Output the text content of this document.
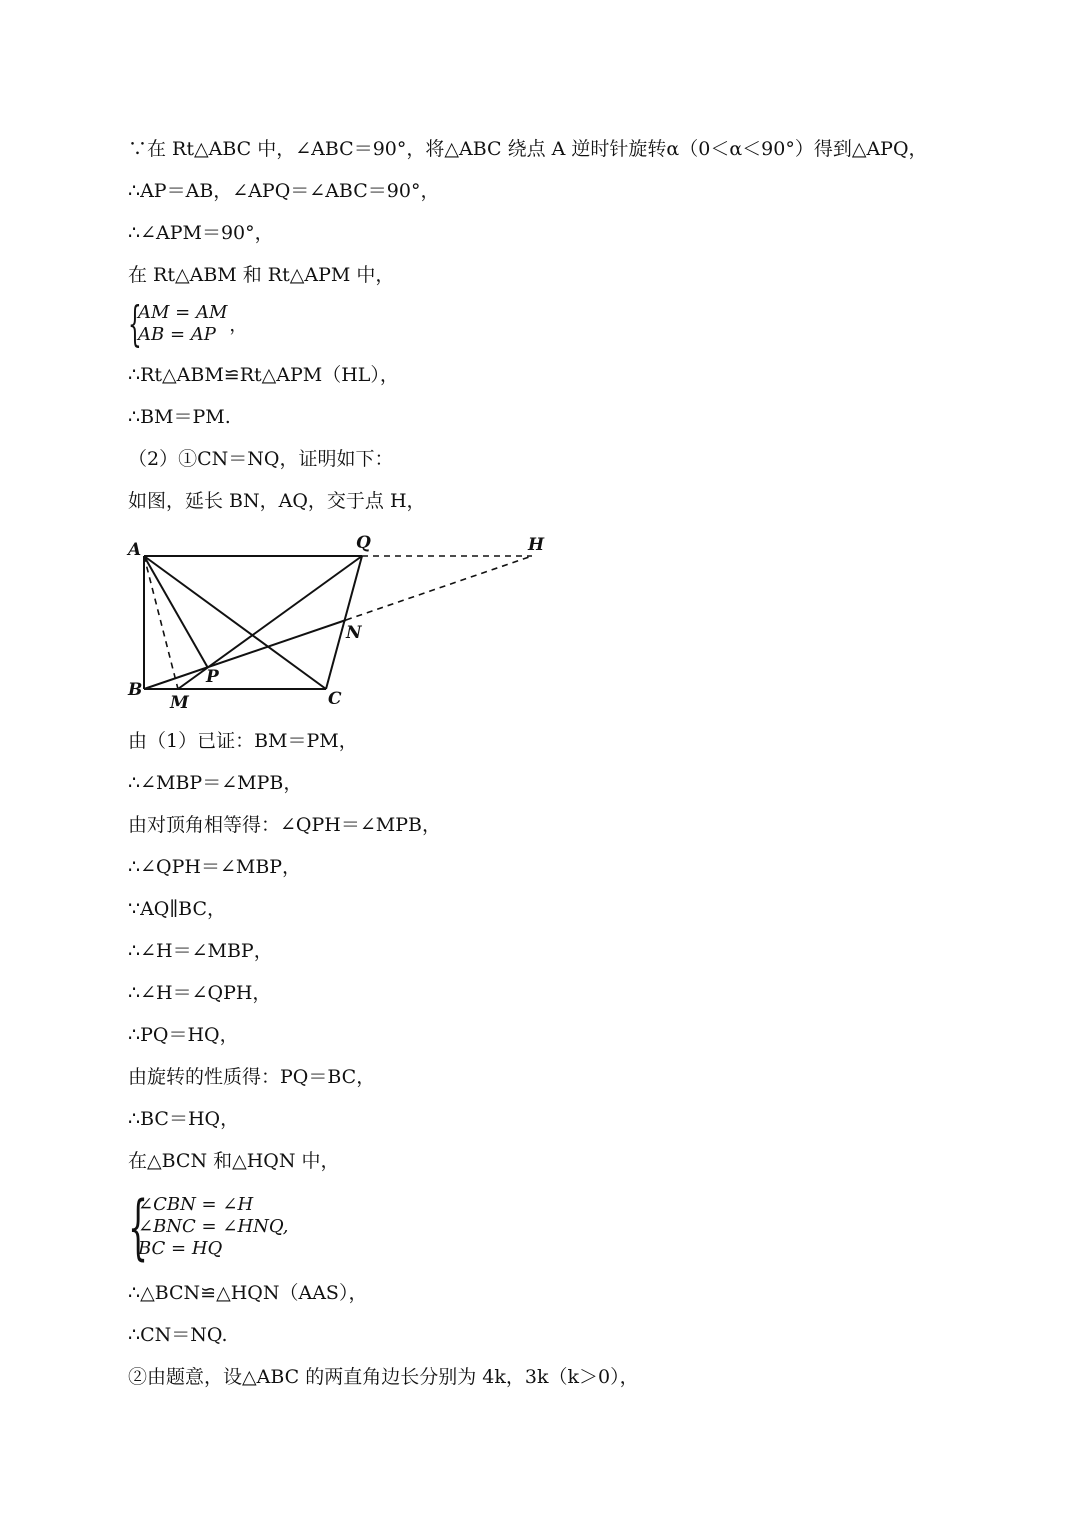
∵在 Rt△ABC 中，∠ABC＝90°，将△ABC 绕点 A 逆时针旋转α（0＜α＜90°）得到△APQ，
∴AP＝AB，∠APQ＝∠ABC＝90°，
∴∠APM＝90°，
在 Rt△ABM 和 Rt△APM 中，
{
AM = AM
AB = AP ，
∴Rt△ABM≌Rt△APM（HL），
∴BM＝PM.
（2）①CN＝NQ，证明如下：
如图，延长 BN，AQ，交于点 H，
A	Q	H
N
P
B
M	C
由（1）已证：BM＝PM，
∴∠MBP＝∠MPB，
由对顶角相等得：∠QPH＝∠MPB，
∴∠QPH＝∠MBP，
∵AQ∥BC，
∴∠H＝∠MBP，
∴∠H＝∠QPH，
∴PQ＝HQ，
由旋转的性质得：PQ＝BC，
∴BC＝HQ，
在△BCN 和△HQN 中，
{
∠CBN = ∠H
∠BNC = ∠HNQ,
BC = HQ
∴△BCN≌△HQN（AAS），
∴CN＝NQ.
②由题意，设△ABC 的两直角边长分别为 4k，3k（k＞0），
